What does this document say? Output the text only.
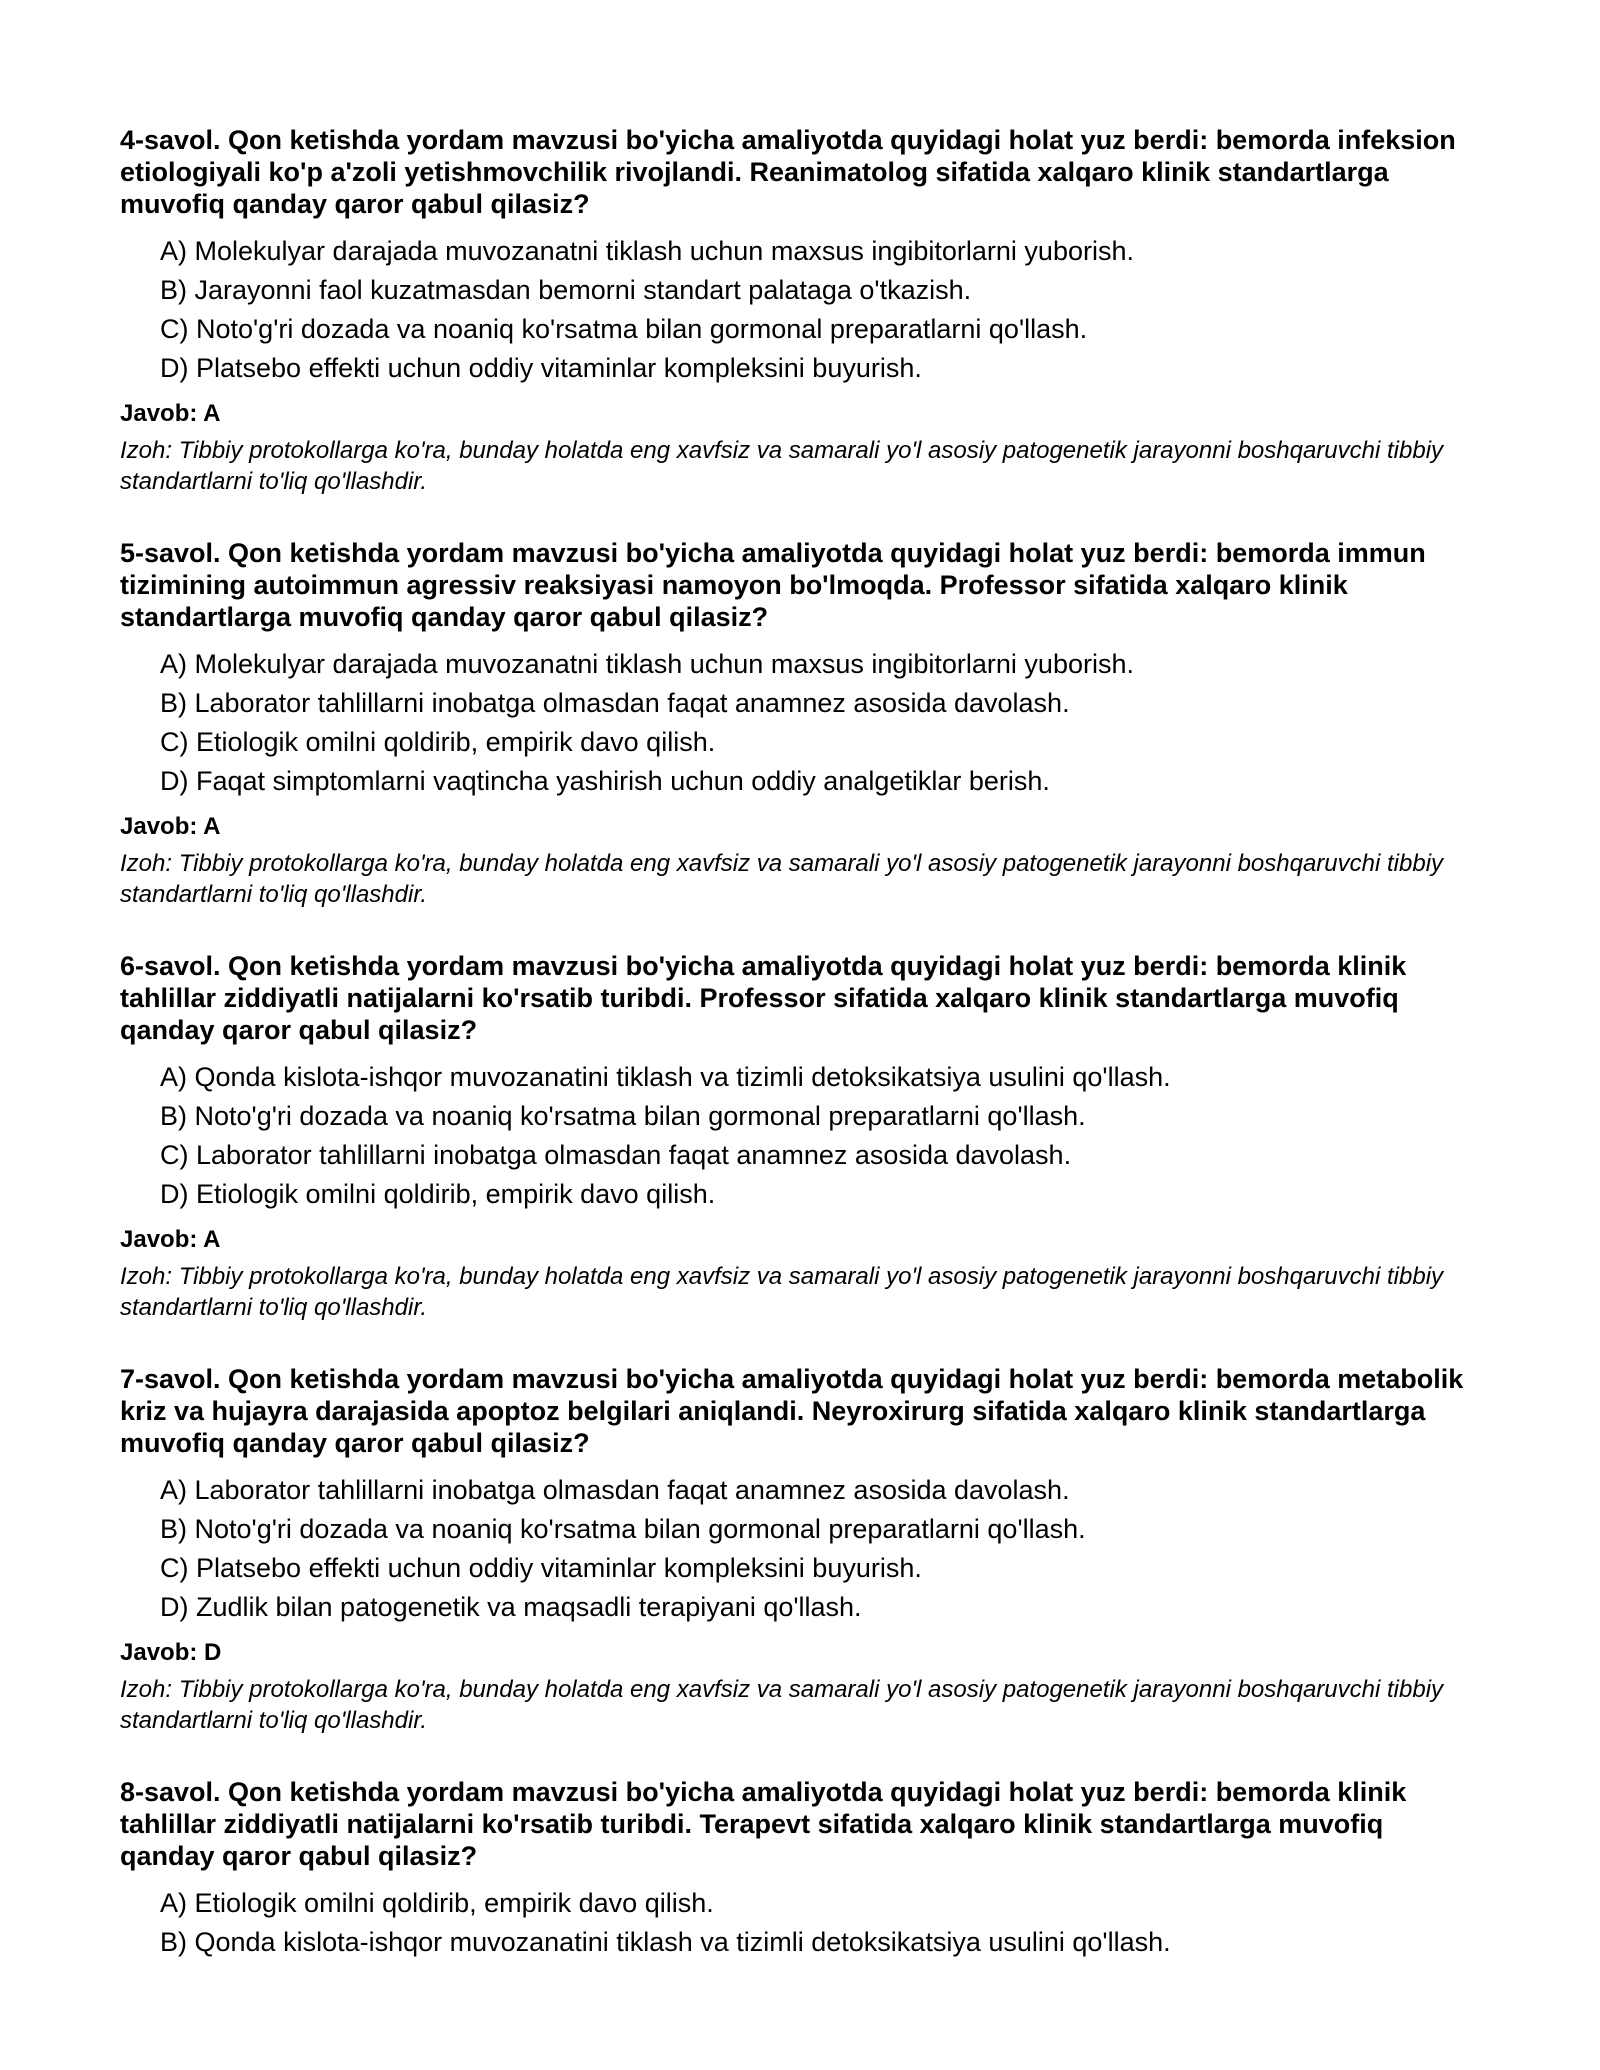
4-savol. Qon ketishda yordam mavzusi bo'yicha amaliyotda quyidagi holat yuz berdi: bemorda infeksion etiologiyali ko'p a'zoli yetishmovchilik rivojlandi. Reanimatolog sifatida xalqaro klinik standartlarga muvofiq qanday qaror qabul qilasiz?

A) Molekulyar darajada muvozanatni tiklash uchun maxsus ingibitorlarni yuborish.
B) Jarayonni faol kuzatmasdan bemorni standart palataga o'tkazish.
C) Noto'g'ri dozada va noaniq ko'rsatma bilan gormonal preparatlarni qo'llash.
D) Platsebo effekti uchun oddiy vitaminlar kompleksini buyurish.

Javob: A

Izoh: Tibbiy protokollarga ko'ra, bunday holatda eng xavfsiz va samarali yo'l asosiy patogenetik jarayonni boshqaruvchi tibbiy standartlarni to'liq qo'llashdir.

5-savol. Qon ketishda yordam mavzusi bo'yicha amaliyotda quyidagi holat yuz berdi: bemorda immun tizimining autoimmun agressiv reaksiyasi namoyon bo'lmoqda. Professor sifatida xalqaro klinik standartlarga muvofiq qanday qaror qabul qilasiz?

A) Molekulyar darajada muvozanatni tiklash uchun maxsus ingibitorlarni yuborish.
B) Laborator tahlillarni inobatga olmasdan faqat anamnez asosida davolash.
C) Etiologik omilni qoldirib, empirik davo qilish.
D) Faqat simptomlarni vaqtincha yashirish uchun oddiy analgetiklar berish.

Javob: A

Izoh: Tibbiy protokollarga ko'ra, bunday holatda eng xavfsiz va samarali yo'l asosiy patogenetik jarayonni boshqaruvchi tibbiy standartlarni to'liq qo'llashdir.

6-savol. Qon ketishda yordam mavzusi bo'yicha amaliyotda quyidagi holat yuz berdi: bemorda klinik tahlillar ziddiyatli natijalarni ko'rsatib turibdi. Professor sifatida xalqaro klinik standartlarga muvofiq qanday qaror qabul qilasiz?

A) Qonda kislota-ishqor muvozanatini tiklash va tizimli detoksikatsiya usulini qo'llash.
B) Noto'g'ri dozada va noaniq ko'rsatma bilan gormonal preparatlarni qo'llash.
C) Laborator tahlillarni inobatga olmasdan faqat anamnez asosida davolash.
D) Etiologik omilni qoldirib, empirik davo qilish.

Javob: A

Izoh: Tibbiy protokollarga ko'ra, bunday holatda eng xavfsiz va samarali yo'l asosiy patogenetik jarayonni boshqaruvchi tibbiy standartlarni to'liq qo'llashdir.

7-savol. Qon ketishda yordam mavzusi bo'yicha amaliyotda quyidagi holat yuz berdi: bemorda metabolik kriz va hujayra darajasida apoptoz belgilari aniqlandi. Neyroxirurg sifatida xalqaro klinik standartlarga muvofiq qanday qaror qabul qilasiz?

A) Laborator tahlillarni inobatga olmasdan faqat anamnez asosida davolash.
B) Noto'g'ri dozada va noaniq ko'rsatma bilan gormonal preparatlarni qo'llash.
C) Platsebo effekti uchun oddiy vitaminlar kompleksini buyurish.
D) Zudlik bilan patogenetik va maqsadli terapiyani qo'llash.

Javob: D

Izoh: Tibbiy protokollarga ko'ra, bunday holatda eng xavfsiz va samarali yo'l asosiy patogenetik jarayonni boshqaruvchi tibbiy standartlarni to'liq qo'llashdir.

8-savol. Qon ketishda yordam mavzusi bo'yicha amaliyotda quyidagi holat yuz berdi: bemorda klinik tahlillar ziddiyatli natijalarni ko'rsatib turibdi. Terapevt sifatida xalqaro klinik standartlarga muvofiq qanday qaror qabul qilasiz?

A) Etiologik omilni qoldirib, empirik davo qilish.
B) Qonda kislota-ishqor muvozanatini tiklash va tizimli detoksikatsiya usulini qo'llash.
